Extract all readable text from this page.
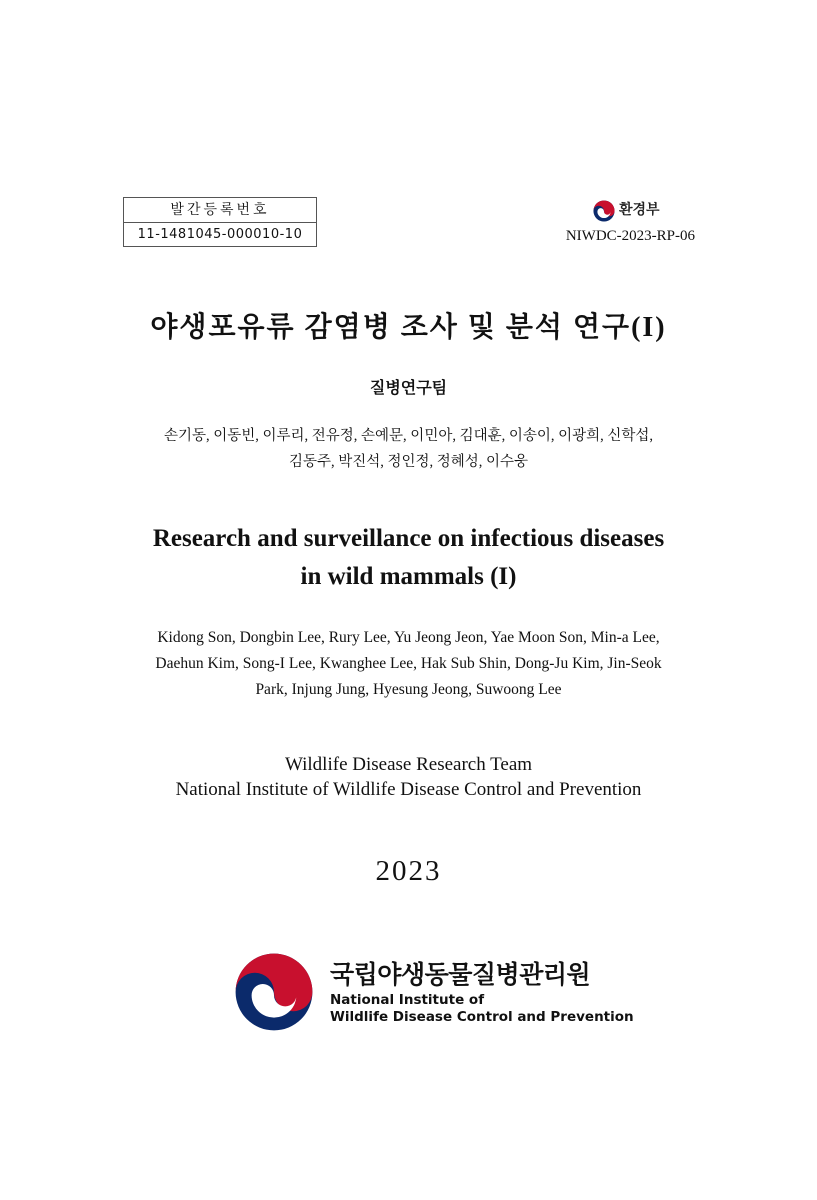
발간등록번호
11-1481045-000010-10
환경부
NIWDC-2023-RP-06
야생포유류 감염병 조사 및 분석 연구(I)
질병연구팀
손기동, 이동빈, 이루리, 전유정, 손예문, 이민아, 김대훈, 이송이, 이광희, 신학섭,
김동주, 박진석, 정인정, 정혜성, 이수웅
Research and surveillance on infectious diseases
in wild mammals (I)
Kidong Son, Dongbin Lee, Rury Lee, Yu Jeong Jeon, Yae Moon Son, Min-a Lee,
Daehun Kim, Song-I Lee, Kwanghee Lee, Hak Sub Shin, Dong-Ju Kim, Jin-Seok
Park, Injung Jung, Hyesung Jeong, Suwoong Lee
Wildlife Disease Research Team
National Institute of Wildlife Disease Control and Prevention
2023
국립야생동물질병관리원
National Institute of
Wildlife Disease Control and Prevention
